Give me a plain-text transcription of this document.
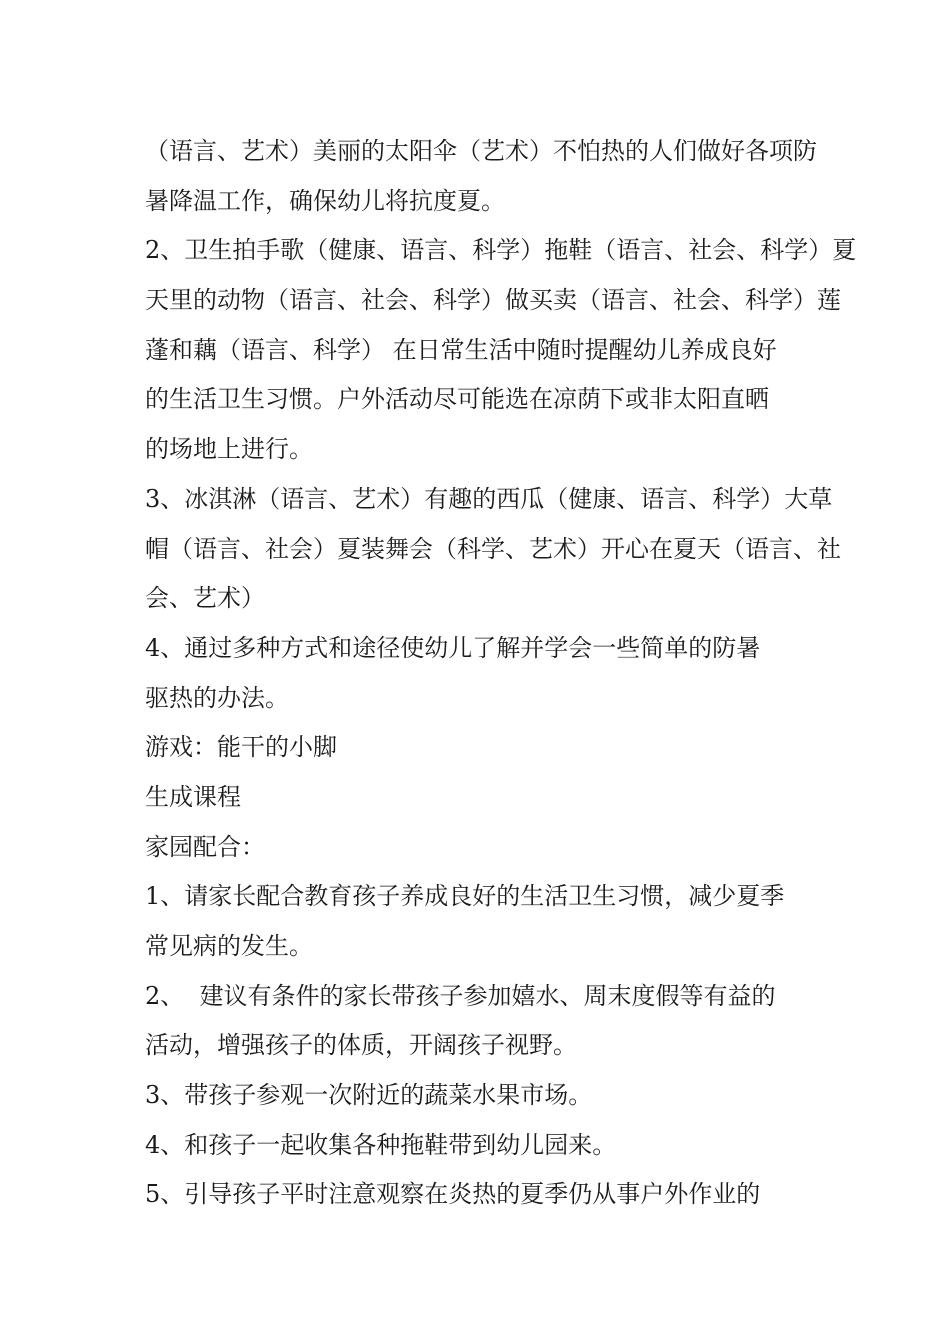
（语言、艺术）美丽的太阳伞（艺术）不怕热的人们做好各项防
暑降温工作，确保幼儿将抗度夏。
2、卫生拍手歌（健康、语言、科学）拖鞋（语言、社会、科学）夏
天里的动物（语言、社会、科学）做买卖（语言、社会、科学）莲
蓬和藕（语言、科学） 在日常生活中随时提醒幼儿养成良好
的生活卫生习惯。户外活动尽可能选在凉荫下或非太阳直晒
的场地上进行。
3、冰淇淋（语言、艺术）有趣的西瓜（健康、语言、科学）大草
帽（语言、社会）夏装舞会（科学、艺术）开心在夏天（语言、社
会、艺术）
4、通过多种方式和途径使幼儿了解并学会一些简单的防暑
驱热的办法。
游戏：能干的小脚
生成课程
家园配合：
1、请家长配合教育孩子养成良好的生活卫生习惯，减少夏季
常见病的发生。
2、  建议有条件的家长带孩子参加嬉水、周末度假等有益的
活动，增强孩子的体质，开阔孩子视野。
3、带孩子参观一次附近的蔬菜水果市场。
4、和孩子一起收集各种拖鞋带到幼儿园来。
5、引导孩子平时注意观察在炎热的夏季仍从事户外作业的
